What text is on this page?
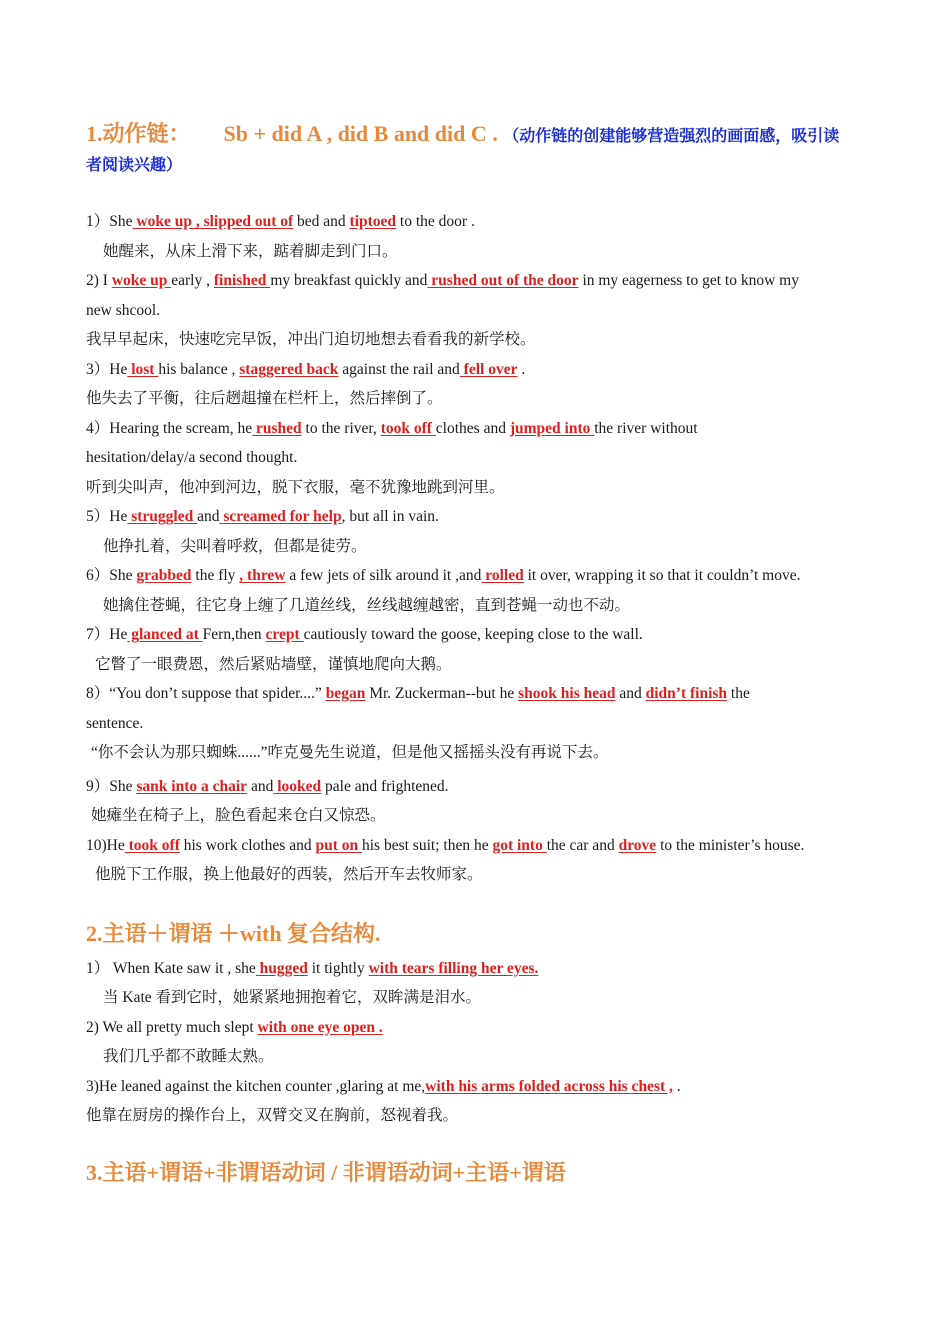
1.动作链： Sb + did A , did B and did C . （动作链的创建能够营造强烈的画面感，吸引读
者阅读兴趣）
1）She woke up , slipped out of bed and tiptoed to the door .
她醒来，从床上滑下来，踮着脚走到门口。
2) I woke up early , finished my breakfast quickly and rushed out of the door in my eagerness to get to know my
new shcool.
我早早起床，快速吃完早饭，冲出门迫切地想去看看我的新学校。
3）He lost his balance , staggered back against the rail and fell over .
他失去了平衡，往后趔趄撞在栏杆上，然后摔倒了。
4）Hearing the scream, he rushed to the river, took off clothes and jumped into the river without
hesitation/delay/a second thought.
听到尖叫声，他冲到河边，脱下衣服，毫不犹豫地跳到河里。
5）He struggled and screamed for help, but all in vain.
他挣扎着，尖叫着呼救，但都是徒劳。
6）She grabbed the fly , threw a few jets of silk around it ,and rolled it over, wrapping it so that it couldn’t move.
她擒住苍蝇，往它身上缠了几道丝线，丝线越缠越密，直到苍蝇一动也不动。
7）He glanced at Fern,then crept cautiously toward the goose, keeping close to the wall.
它瞥了一眼费恩，然后紧贴墙壁，谨慎地爬向大鹅。
8）“You don’t suppose that spider....” began Mr. Zuckerman--but he shook his head and didn’t finish the
sentence.
“你不会认为那只蜘蛛......”咋克曼先生说道，但是他又摇摇头没有再说下去。
9）She sank into a chair and looked pale and frightened.
她瘫坐在椅子上，脸色看起来仓白又惊恐。
10)He took off his work clothes and put on his best suit; then he got into the car and drove to the minister’s house.
他脱下工作服，换上他最好的西装，然后开车去牧师家。
2.主语＋谓语 ＋with 复合结构.
1） When Kate saw it , she hugged it tightly with tears filling her eyes.
当 Kate 看到它时，她紧紧地拥抱着它，双眸满是泪水。
2) We all pretty much slept with one eye open .
我们几乎都不敢睡太熟。
3)He leaned against the kitchen counter ,glaring at me,with his arms folded across his chest , .
他靠在厨房的操作台上，双臂交叉在胸前，怒视着我。
3.主语+谓语+非谓语动词 / 非谓语动词+主语+谓语
